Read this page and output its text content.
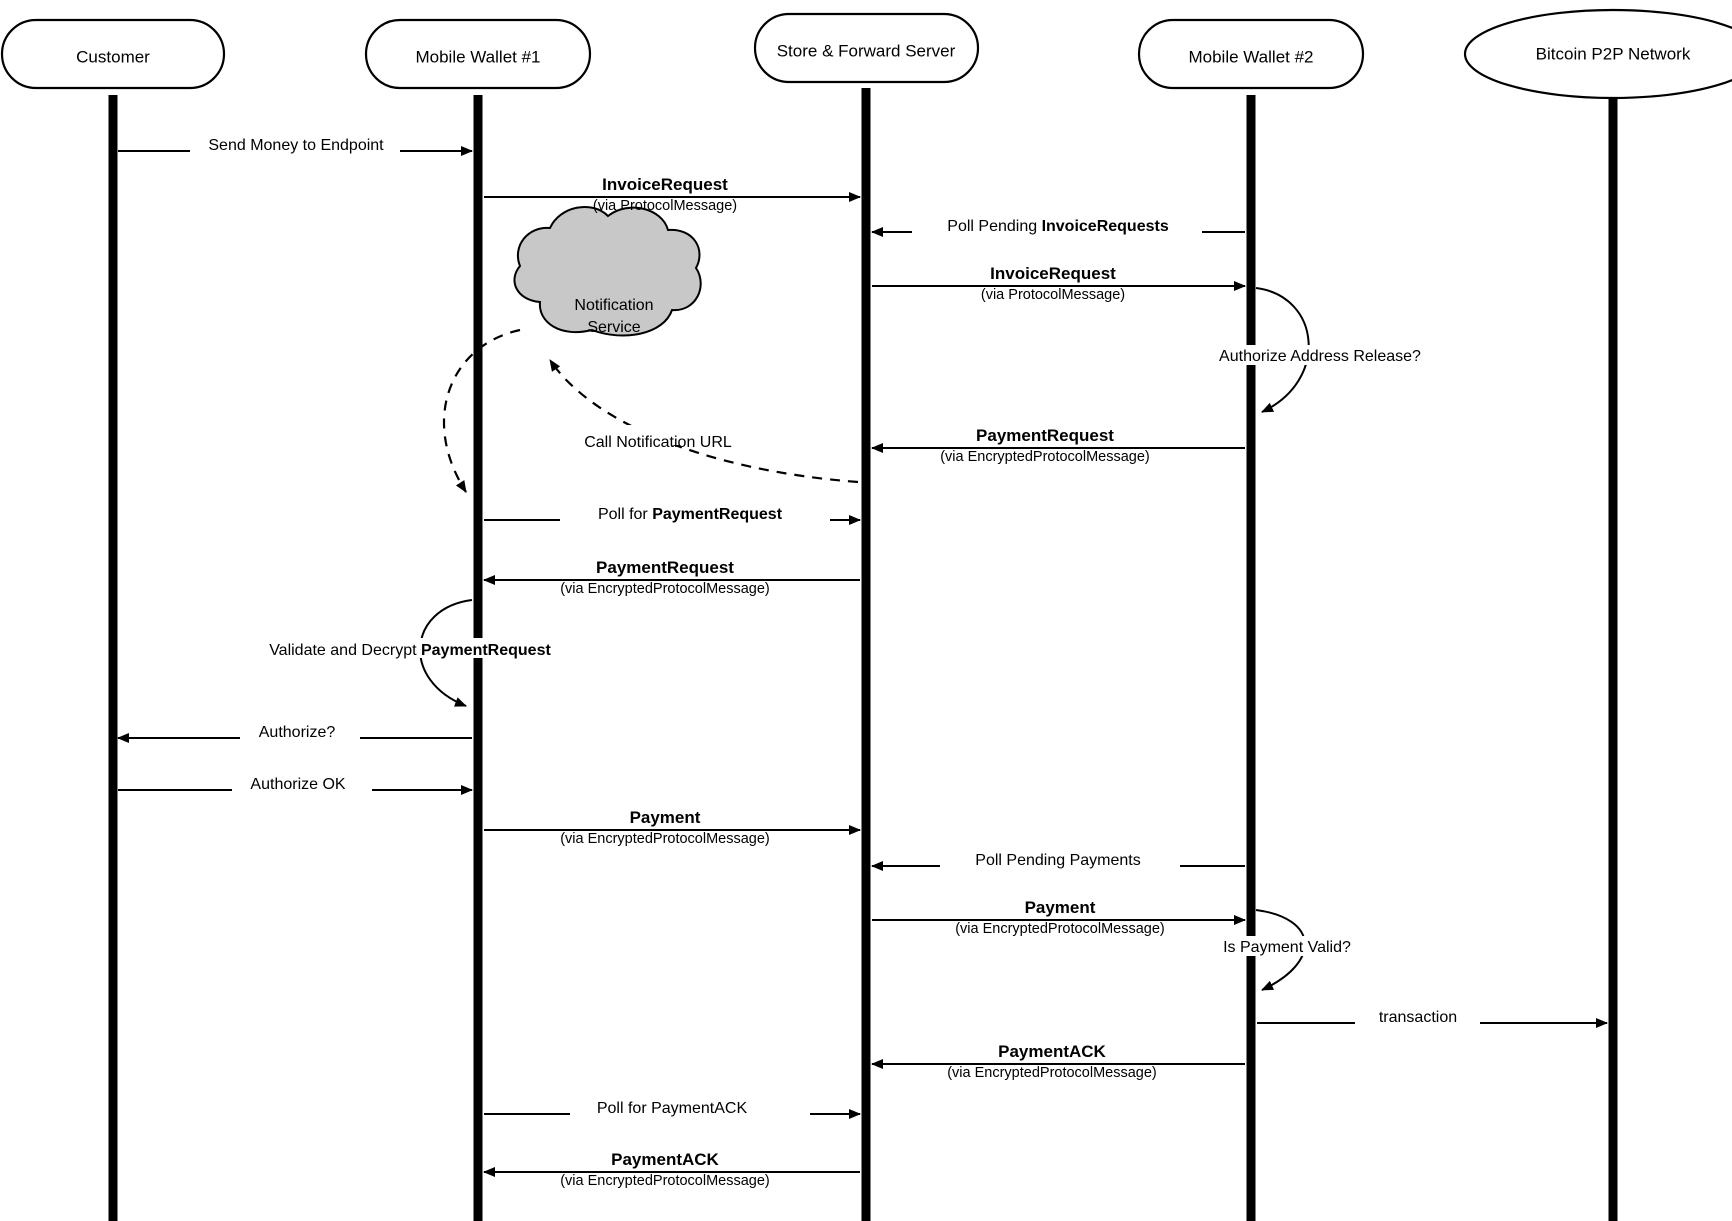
Customer	Mobile Wallet #1	Store & Forward Server	Mobile Wallet #2	Bitcoin P2P Network
Notification
Service
Send Money to Endpoint
InvoiceRequest
(via ProtocolMessage)
Poll Pending InvoiceRequests
InvoiceRequest
(via ProtocolMessage)
Authorize Address Release?
PaymentRequest
(via EncryptedProtocolMessage)
Call Notification URL
Poll for PaymentRequest
PaymentRequest
(via EncryptedProtocolMessage)
Validate and Decrypt PaymentRequest
Authorize?
Authorize OK
Payment
(via EncryptedProtocolMessage)
Poll Pending Payments
Payment
(via EncryptedProtocolMessage)
Is Payment Valid?
transaction
PaymentACK
(via EncryptedProtocolMessage)
Poll for PaymentACK
PaymentACK
(via EncryptedProtocolMessage)
